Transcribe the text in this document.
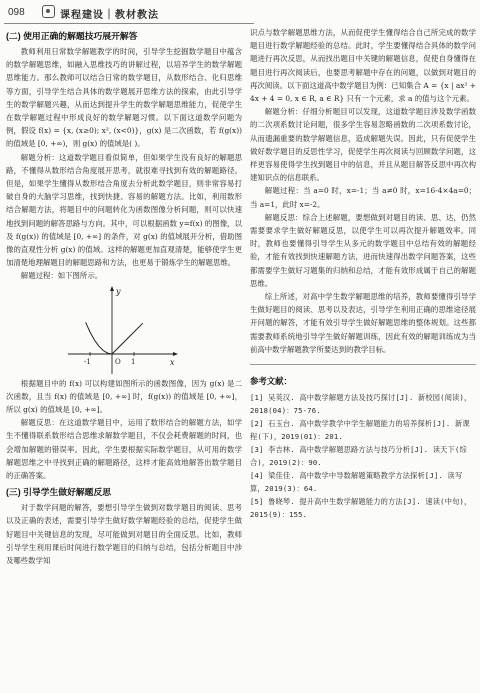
098	课程建设｜教材教法
(二) 使用正确的解题技巧展开解答

教师利用日常数学解题教学的时间，引导学生挖掘数学题目中蕴含的数学解题思维，如融入思维技巧的讲解过程，以培养学生的数学解题思维能力。那么教师可以结合日常的数学题目，从数形结合、化归思维等方面，引导学生结合具体的数学题展开思维方法的探索，由此引导学生的数学解题兴趣，从而达到提升学生的数学解题思维能力，促使学生在数学解题过程中形成良好的数学解题习惯。以下面这道数学问题为例，假设 f(x) = {x, (x≥0); x², (x<0)}，g(x) 是二次函数，若 f(g(x)) 的值域是 [0, +∞)，则 g(x) 的值域是( )。

解题分析：这道数学题目看似简单，但如果学生没有良好的解题思路，不懂得从数形结合角度展开思考，就很难寻找到有效的解题路径。但是，如果学生懂得从数形结合角度去分析此数学题目，则非常容易打破自身的大脑学习思维，找到快捷、容易的解题方法。比如，利用数形结合解题方法，将题目中的问题转化为函数图像分析问题，则可以快速地找到问题的解答思路与方向。其中，可以根据函数 y=f(x) 的图像，以及 f(g(x)) 的值域是 [0, +∞] 的条件，对 g(x) 的值域展开分析，借助图像的直观性分析 g(x) 的值域。这样的解题更加直观清楚，能够使学生更加清楚地理解题目的解题思路和方法，也更易于锻炼学生的解题思维。

解题过程：如下图所示。

y
x
O 1
-1

根据题目中的 f(x) 可以构建如图所示的函数图像，因为 g(x) 是二次函数，且当 f(x) 的值域是 [0, +∞] 时，f(g(x)) 的值域是 [0, +∞]，所以 g(x) 的值域是 [0, +∞]。

解题反思：在这道数学题目中，运用了数形结合的解题方法，如学生不懂得联系数形结合思维求解数学题目，不仅会耗费解题的时间，也会增加解题的错误率。因此，学生要根据实际数学题目，从可用的数学解题思维之中寻找到正确的解题路径，这样才能高效地解答出数学题目的正确答案。

(三) 引导学生做好解题反思

对于数学问题的解答，要想引导学生做到对数学题目的阅读、思考以及正确的表述，需要引导学生做好数学解题经验的总结，促使学生做好题目中关键信息的发现，尽可能做到对题目的全面反思。比如，教师引导学生利用课后时间进行数学题目的归纳与总结，包括分析题目中涉及哪些数学知

识点与数学解题思维方法，从而促使学生懂得结合自己所完成的数学题目进行数学解题经验的总结。此时，学生要懂得结合具体的数学问题进行再次反思，从而找出题目中关键的解题信息，促使自身懂得在题目进行再次阅读后，也要思考解题中存在的问题，以做到对题目的再次阅读。以下面这道高中数学题目为例：已知集合 A = {x | ax² + 4x + 4 = 0, x ∈ R, a ∈ R} 只有一个元素，求 a 的值与这个元素。

解题分析：仔细分析题目可以发现，这道数学题目涉及数学函数的二次项系数讨论问题，很多学生容易忽略函数的二次项系数讨论，从而遗漏重要的数学解题信息，造成解题失误。因此，只有促使学生做好数学题目的反思性学习，促使学生再次阅读与回顾数学问题，这样更容易使得学生找到题目中的信息，并且从题目解答反思中再次构建知识点的信息联系。

解题过程：当 a=0 时，x=-1；当 a≠0 时，x=16-4×4a=0；当 a=1，此时 x=-2。

解题反思：综合上述解题，要想做到对题目的读、思、达，仍然需要要求学生做好解题反思，以使学生可以再次提升解题效率。同时，教师也要懂得引导学生从多元的数学题目中总结有效的解题经验，才能有效找到快速解题方法，进而快速得出数学问题答案，这些都需要学生做好习题集的归纳和总结，才能有效形成属于自己的解题思维。

综上所述，对高中学生数学解题思维的培养，教师要懂得引导学生做好题目的阅读、思考以及表达，引导学生利用正确的思维途径展开问题的解答，才能有效引导学生做好解题思维的整体规划。这些都需要教师系统地引导学生做好解题训练，因此有效的解题训练成为当前高中数学解题教学所要达到的教学目标。

参考文献：
[1] 吴英汉. 高中数学解题方法及技巧探讨[J]. 新校园(阅读)，2018(04)：75-76.
[2] 石玉台. 高中数学教学中学生解题能力的培养探析[J]. 新课程(下)，2019(01)：201.
[3] 李吉林. 高中数学解题思路方法与技巧分析[J]. 读天下(综合)，2019(2)：90.
[4] 梁佳佳. 高中数学中导数解题策略教学方法探析[J]. 读写算，2019(3)：64.
[5] 鲁晓琴. 提升高中生数学解题能力的方法[J]. 速读(中旬)，2015(9)：155.
